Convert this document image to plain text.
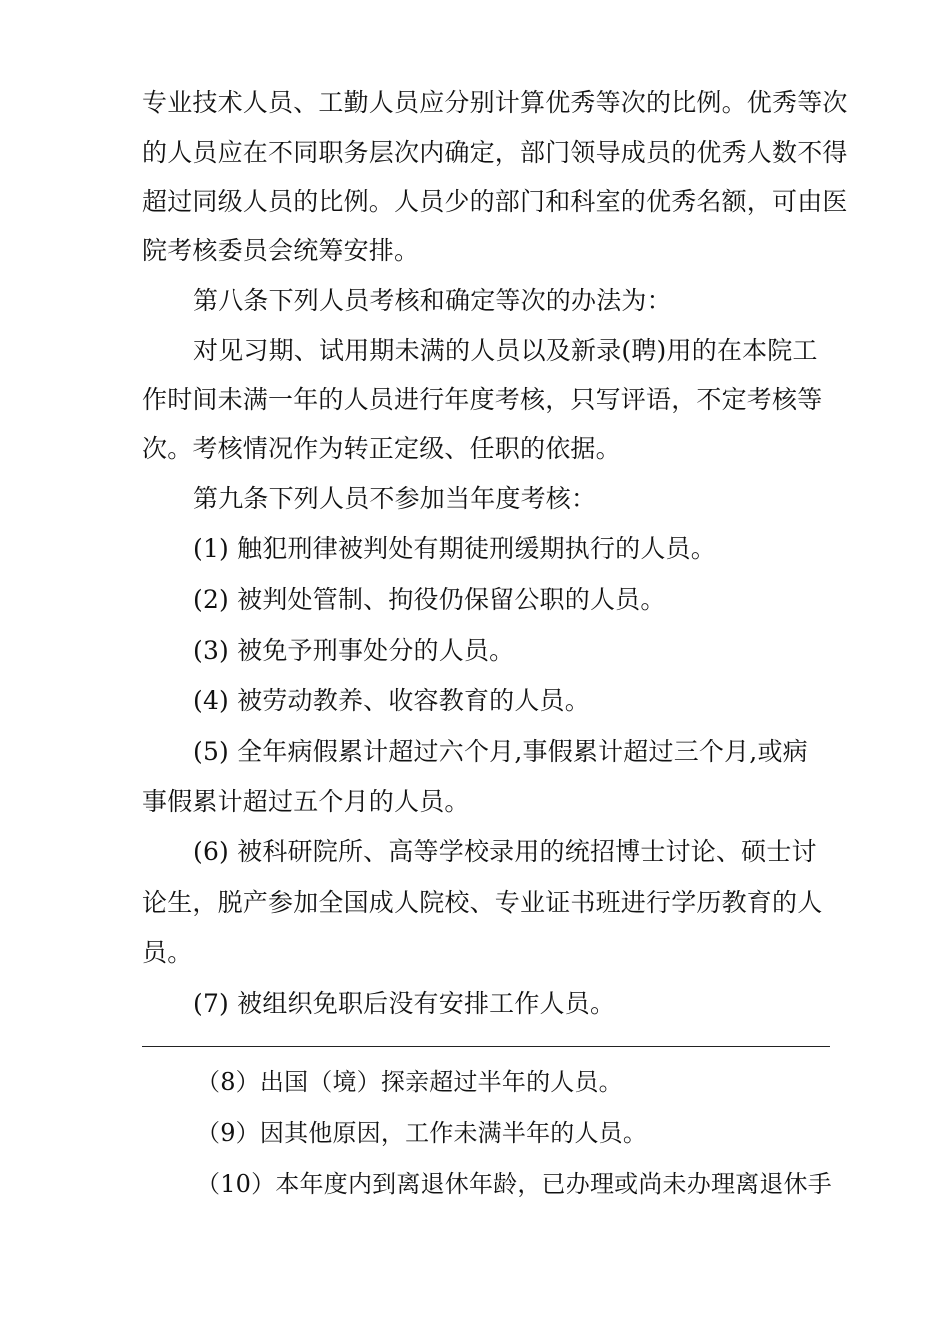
专业技术人员、工勤人员应分别计算优秀等次的比例。优秀等次
的人员应在不同职务层次内确定，部门领导成员的优秀人数不得
超过同级人员的比例。人员少的部门和科室的优秀名额，可由医
院考核委员会统筹安排。
第八条下列人员考核和确定等次的办法为：
对见习期、试用期未满的人员以及新录(聘)用的在本院工
作时间未满一年的人员进行年度考核，只写评语，不定考核等
次。考核情况作为转正定级、任职的依据。
第九条下列人员不参加当年度考核：
(1) 触犯刑律被判处有期徒刑缓期执行的人员。
(2) 被判处管制、拘役仍保留公职的人员。
(3) 被免予刑事处分的人员。
(4) 被劳动教养、收容教育的人员。
(5) 全年病假累计超过六个月,事假累计超过三个月,或病
事假累计超过五个月的人员。
(6) 被科研院所、高等学校录用的统招博士讨论、硕士讨
论生，脱产参加全国成人院校、专业证书班进行学历教育的人
员。
(7) 被组织免职后没有安排工作人员。
（8）出国（境）探亲超过半年的人员。
（9）因其他原因，工作未满半年的人员。
（10）本年度内到离退休年龄，已办理或尚未办理离退休手
